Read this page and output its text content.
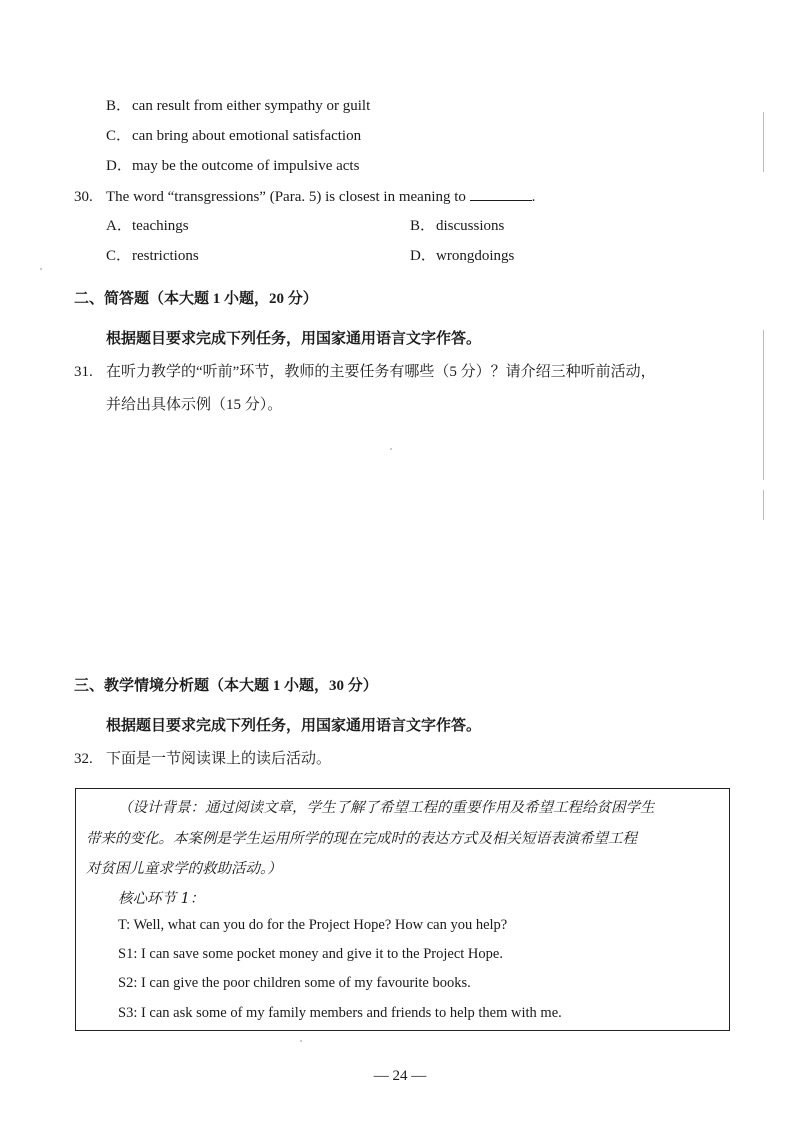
B．can result from either sympathy or guilt
C．can bring about emotional satisfaction
D．may be the outcome of impulsive acts
30. The word “transgressions” (Para. 5) is closest in meaning to	.
A．teachings	B．discussions
C．restrictions	D．wrongdoings
二、简答题（本大题 1 小题，20 分）
根据题目要求完成下列任务，用国家通用语言文字作答。
31. 在听力教学的“听前”环节，教师的主要任务有哪些（5 分）？请介绍三种听前活动，
并给出具体示例（15 分）。
三、教学情境分析题（本大题 1 小题，30 分）
根据题目要求完成下列任务，用国家通用语言文字作答。
32. 下面是一节阅读课上的读后活动。
（设计背景：通过阅读文章，学生了解了希望工程的重要作用及希望工程给贫困学生
带来的变化。本案例是学生运用所学的现在完成时的表达方式及相关短语表演希望工程
对贫困儿童求学的救助活动。）
核心环节 1：
T: Well, what can you do for the Project Hope? How can you help?
S1: I can save some pocket money and give it to the Project Hope.
S2: I can give the poor children some of my favourite books.
S3: I can ask some of my family members and friends to help them with me.
— 24 —
